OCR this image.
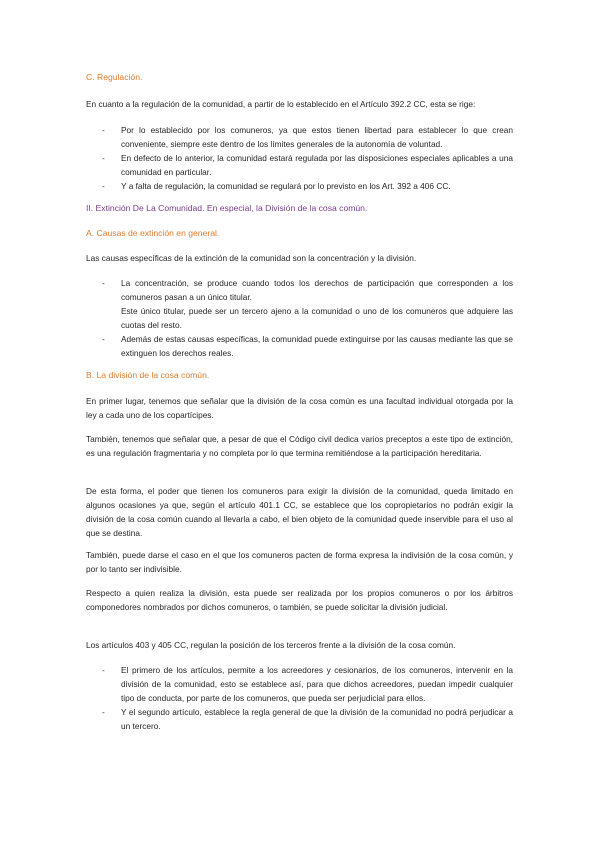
C. Regulación.
En cuanto a la regulación de la comunidad, a partir de lo establecido en el Artículo 392.2 CC, esta se rige:
- Por lo establecido por los comuneros, ya que estos tienen libertad para establecer lo que crean conveniente, siempre este dentro de los límites generales de la autonomía de voluntad.
- En defecto de lo anterior, la comunidad estará regulada por las disposiciones especiales aplicables a una comunidad en particular.
- Y a falta de regulación, la comunidad se regulará por lo previsto en los Art. 392 a 406 CC.
II. Extinción De La Comunidad. En especial, la División de la cosa común.
A. Causas de extinción en general.
Las causas específicas de la extinción de la comunidad son la concentración y la división.
- La concentración, se produce cuando todos los derechos de participación que corresponden a los comuneros pasan a un único titular.
Este único titular, puede ser un tercero ajeno a la comunidad o uno de los comuneros que adquiere las cuotas del resto.
- Además de estas causas específicas, la comunidad puede extinguirse por las causas mediante las que se extinguen los derechos reales.
B. La división de la cosa común.
En primer lugar, tenemos que señalar que la división de la cosa común es una facultad individual otorgada por la ley a cada uno de los copartícipes.
También, tenemos que señalar que, a pesar de que el Código civil dedica varios preceptos a este tipo de extinción, es una regulación fragmentaria y no completa por lo que termina remitiéndose a la participación hereditaria.
De esta forma, el poder que tienen los comuneros para exigir la división de la comunidad, queda limitado en algunos ocasiones ya que, según el artículo 401.1 CC, se establece que los copropietarios no podrán exigir la división de la cosa común cuando al llevarla a cabo, el bien objeto de la comunidad quede inservible para el uso al que se destina.
También, puede darse el caso en el que los comuneros pacten de forma expresa la indivisión de la cosa común, y por lo tanto ser indivisible.
Respecto a quien realiza la división, esta puede ser realizada por los propios comuneros o por los árbitros componedores nombrados por dichos comuneros, o también, se puede solicitar la división judicial.
Los artículos 403 y 405 CC, regulan la posición de los terceros frente a la división de la cosa común.
- El primero de los artículos, permite a los acreedores y cesionarios, de los comuneros, intervenir en la división de la comunidad, esto se establece así, para que dichos acreedores, puedan impedir cualquier tipo de conducta, por parte de los comuneros, que pueda ser perjudicial para ellos.
- Y el segundo artículo, establece la regla general de que la división de la comunidad no podrá perjudicar a un tercero.
